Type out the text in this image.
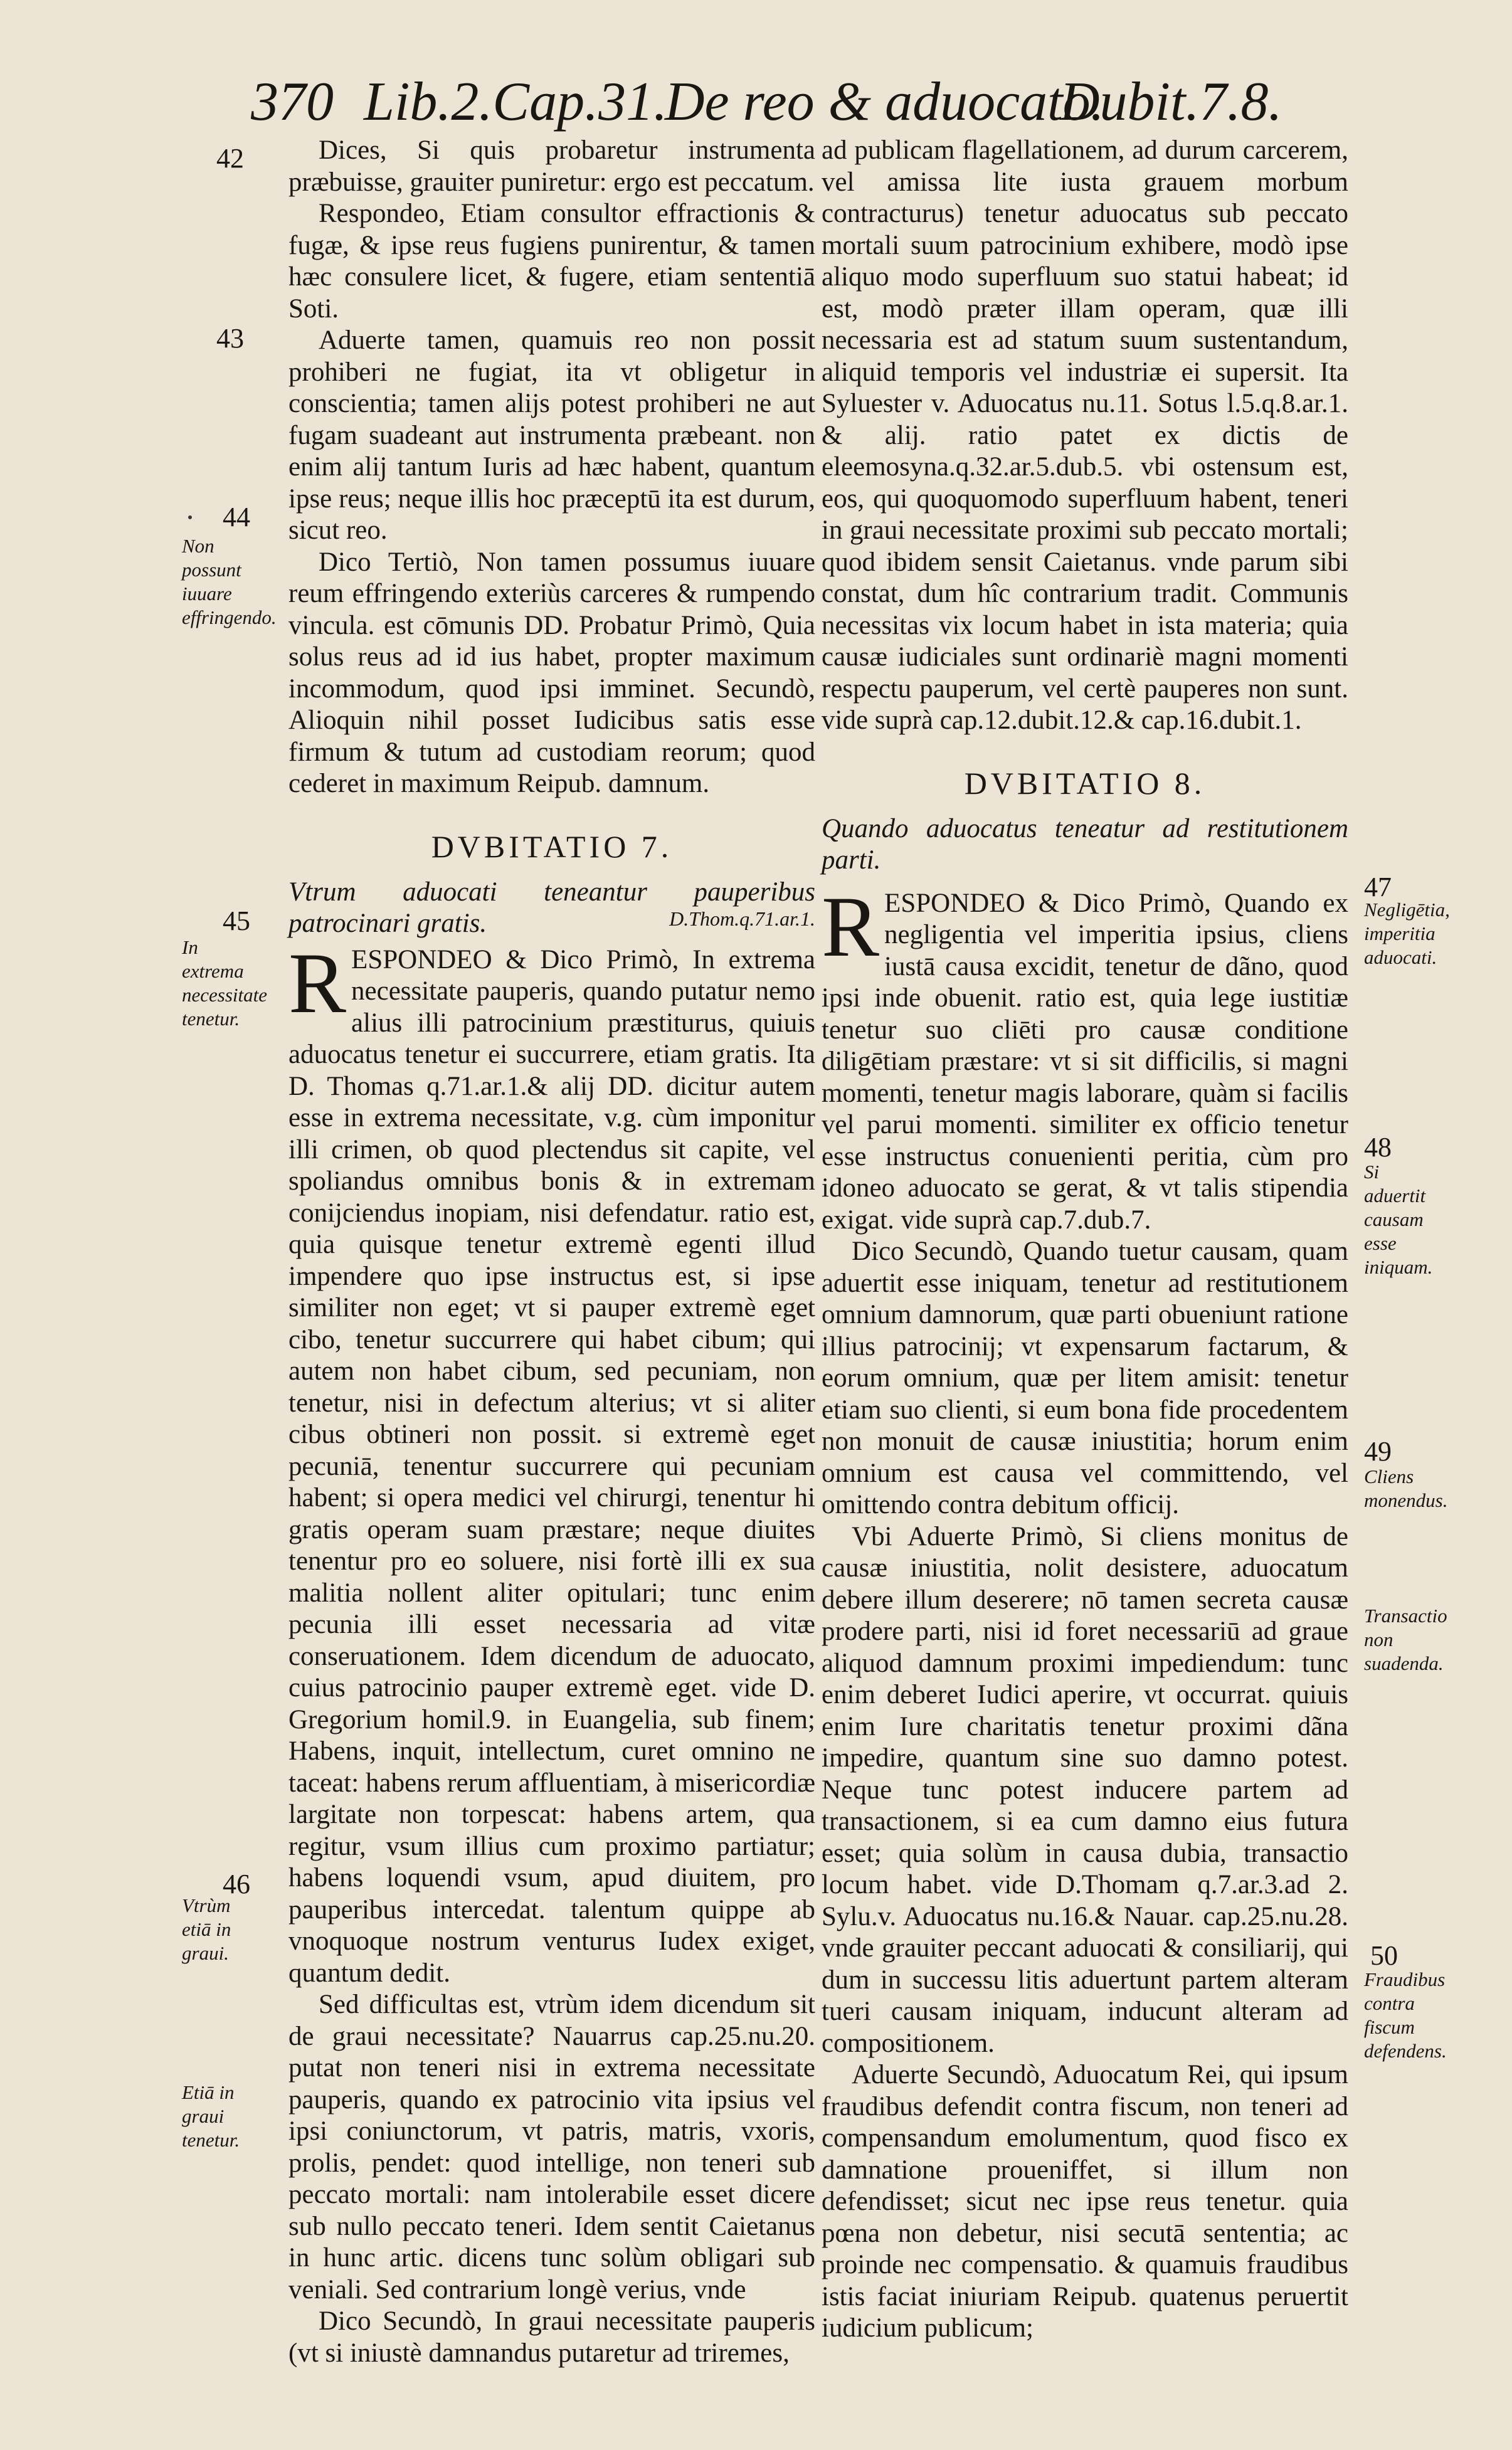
370 Lib.2.Cap.31.
De reo & aduocato.
Dubit.7.8.

Dices, Si quis probaretur instrumenta præbuisse, grauiter puniretur: ergo est peccatum.

Respondeo, Etiam consultor effractionis & fugæ, & ipse reus fugiens punirentur, & tamen hæc consulere licet, & fugere, etiam sententiā Soti.

Aduerte tamen, quamuis reo non possit prohiberi ne fugiat, ita vt obligetur in conscientia; tamen alijs potest prohiberi ne aut fugam suadeant aut instrumenta præbeant. non enim alij tantum Iuris ad hæc habent, quantum ipse reus; neque illis hoc præceptū ita est durum, sicut reo.

Dico Tertiò, Non tamen possumus iuuare reum effringendo exteriùs carceres & rumpendo vincula. est cōmunis DD. Probatur Primò, Quia solus reus ad id ius habet, propter maximum incommodum, quod ipsi imminet. Secundò, Alioquin nihil posset Iudicibus satis esse firmum & tutum ad custodiam reorum; quod cederet in maximum Reipub. damnum.

DVBITATIO 7.

Vtrum aduocati teneantur pauperibus patrocinari gratis.	D.Thom.q.71.ar.1.

RESPONDEO & Dico Primò, In extrema necessitate pauperis, quando putatur nemo alius illi patrocinium præstiturus, quiuis aduocatus tenetur ei succurrere, etiam gratis. Ita D. Thomas q.71.ar.1.& alij DD. dicitur autem esse in extrema necessitate, v.g. cùm imponitur illi crimen, ob quod plectendus sit capite, vel spoliandus omnibus bonis & in extremam conijciendus inopiam, nisi defendatur. ratio est, quia quisque tenetur extremè egenti illud impendere quo ipse instructus est, si ipse similiter non eget; vt si pauper extremè eget cibo, tenetur succurrere qui habet cibum; qui autem non habet cibum, sed pecuniam, non tenetur, nisi in defectum alterius; vt si aliter cibus obtineri non possit. si extremè eget pecuniā, tenentur succurrere qui pecuniam habent; si opera medici vel chirurgi, tenentur hi gratis operam suam præstare; neque diuites tenentur pro eo soluere, nisi fortè illi ex sua malitia nollent aliter opitulari; tunc enim pecunia illi esset necessaria ad vitæ conseruationem. Idem dicendum de aduocato, cuius patrocinio pauper extremè eget. vide D. Gregorium homil.9. in Euangelia, sub finem; Habens, inquit, intellectum, curet omnino ne taceat: habens rerum affluentiam, à misericordiæ largitate non torpescat: habens artem, qua regitur, vsum illius cum proximo partiatur; habens loquendi vsum, apud diuitem, pro pauperibus intercedat. talentum quippe ab vnoquoque nostrum venturus Iudex exiget, quantum dedit.

Sed difficultas est, vtrùm idem dicendum sit de graui necessitate? Nauarrus cap.25.nu.20. putat non teneri nisi in extrema necessitate pauperis, quando ex patrocinio vita ipsius vel ipsi coniunctorum, vt patris, matris, vxoris, prolis, pendet: quod intellige, non teneri sub peccato mortali: nam intolerabile esset dicere sub nullo peccato teneri. Idem sentit Caietanus in hunc artic. dicens tunc solùm obligari sub veniali. Sed contrarium longè verius, vnde

Dico Secundò, In graui necessitate pauperis (vt si iniustè damnandus putaretur ad triremes,

ad publicam flagellationem, ad durum carcerem, vel amissa lite iusta grauem morbum contracturus) tenetur aduocatus sub peccato mortali suum patrocinium exhibere, modò ipse aliquo modo superfluum suo statui habeat; id est, modò præter illam operam, quæ illi necessaria est ad statum suum sustentandum, aliquid temporis vel industriæ ei supersit. Ita Syluester v. Aduocatus nu.11. Sotus l.5.q.8.ar.1. & alij. ratio patet ex dictis de eleemosyna.q.32.ar.5.dub.5. vbi ostensum est, eos, qui quoquomodo superfluum habent, teneri in graui necessitate proximi sub peccato mortali; quod ibidem sensit Caietanus. vnde parum sibi constat, dum hîc contrarium tradit. Communis necessitas vix locum habet in ista materia; quia causæ iudiciales sunt ordinariè magni momenti respectu pauperum, vel certè pauperes non sunt. vide suprà cap.12.dubit.12.& cap.16.dubit.1.

DVBITATIO 8.

Quando aduocatus teneatur ad restitutionem parti.

RESPONDEO & Dico Primò, Quando ex negligentia vel imperitia ipsius, cliens iustā causa excidit, tenetur de dãno, quod ipsi inde obuenit. ratio est, quia lege iustitiæ tenetur suo cliēti pro causæ conditione diligētiam præstare: vt si sit difficilis, si magni momenti, tenetur magis laborare, quàm si facilis vel parui momenti. similiter ex officio tenetur esse instructus conuenienti peritia, cùm pro idoneo aduocato se gerat, & vt talis stipendia exigat. vide suprà cap.7.dub.7.

Dico Secundò, Quando tuetur causam, quam aduertit esse iniquam, tenetur ad restitutionem omnium damnorum, quæ parti obueniunt ratione illius patrocinij; vt expensarum factarum, & eorum omnium, quæ per litem amisit: tenetur etiam suo clienti, si eum bona fide procedentem non monuit de causæ iniustitia; horum enim omnium est causa vel committendo, vel omittendo contra debitum officij.

Vbi Aduerte Primò, Si cliens monitus de causæ iniustitia, nolit desistere, aduocatum debere illum deserere; nō tamen secreta causæ prodere parti, nisi id foret necessariū ad graue aliquod damnum proximi impediendum: tunc enim deberet Iudici aperire, vt occurrat. quiuis enim Iure charitatis tenetur proximi dãna impedire, quantum sine suo damno potest. Neque tunc potest inducere partem ad transactionem, si ea cum damno eius futura esset; quia solùm in causa dubia, transactio locum habet. vide D.Thomam q.7.ar.3.ad 2. Sylu.v. Aduocatus nu.16.& Nauar. cap.25.nu.28. vnde grauiter peccant aduocati & consiliarij, qui dum in successu litis aduertunt partem alteram tueri causam iniquam, inducunt alteram ad compositionem.

Aduerte Secundò, Aduocatum Rei, qui ipsum fraudibus defendit contra fiscum, non teneri ad compensandum emolumentum, quod fisco ex damnatione proueniffet, si illum non defendisset; sicut nec ipse reus tenetur. quia pœna non debetur, nisi secutā sententia; ac proinde nec compensatio. & quamuis fraudibus istis faciat iniuriam Reipub. quatenus peruertit iudicium publicum;

42
43
44
Non possunt iuuare effringendo.
45
In extrema necessitate tenetur.
46
Vtrùm etiā in graui.
Etiā in graui tenetur.
47
Negligētia, imperitia aduocati.
48
Si aduertit causam esse iniquam.
49
Cliens monendus.
Transactio non suadenda.
50
Fraudibus contra fiscum defendens.
